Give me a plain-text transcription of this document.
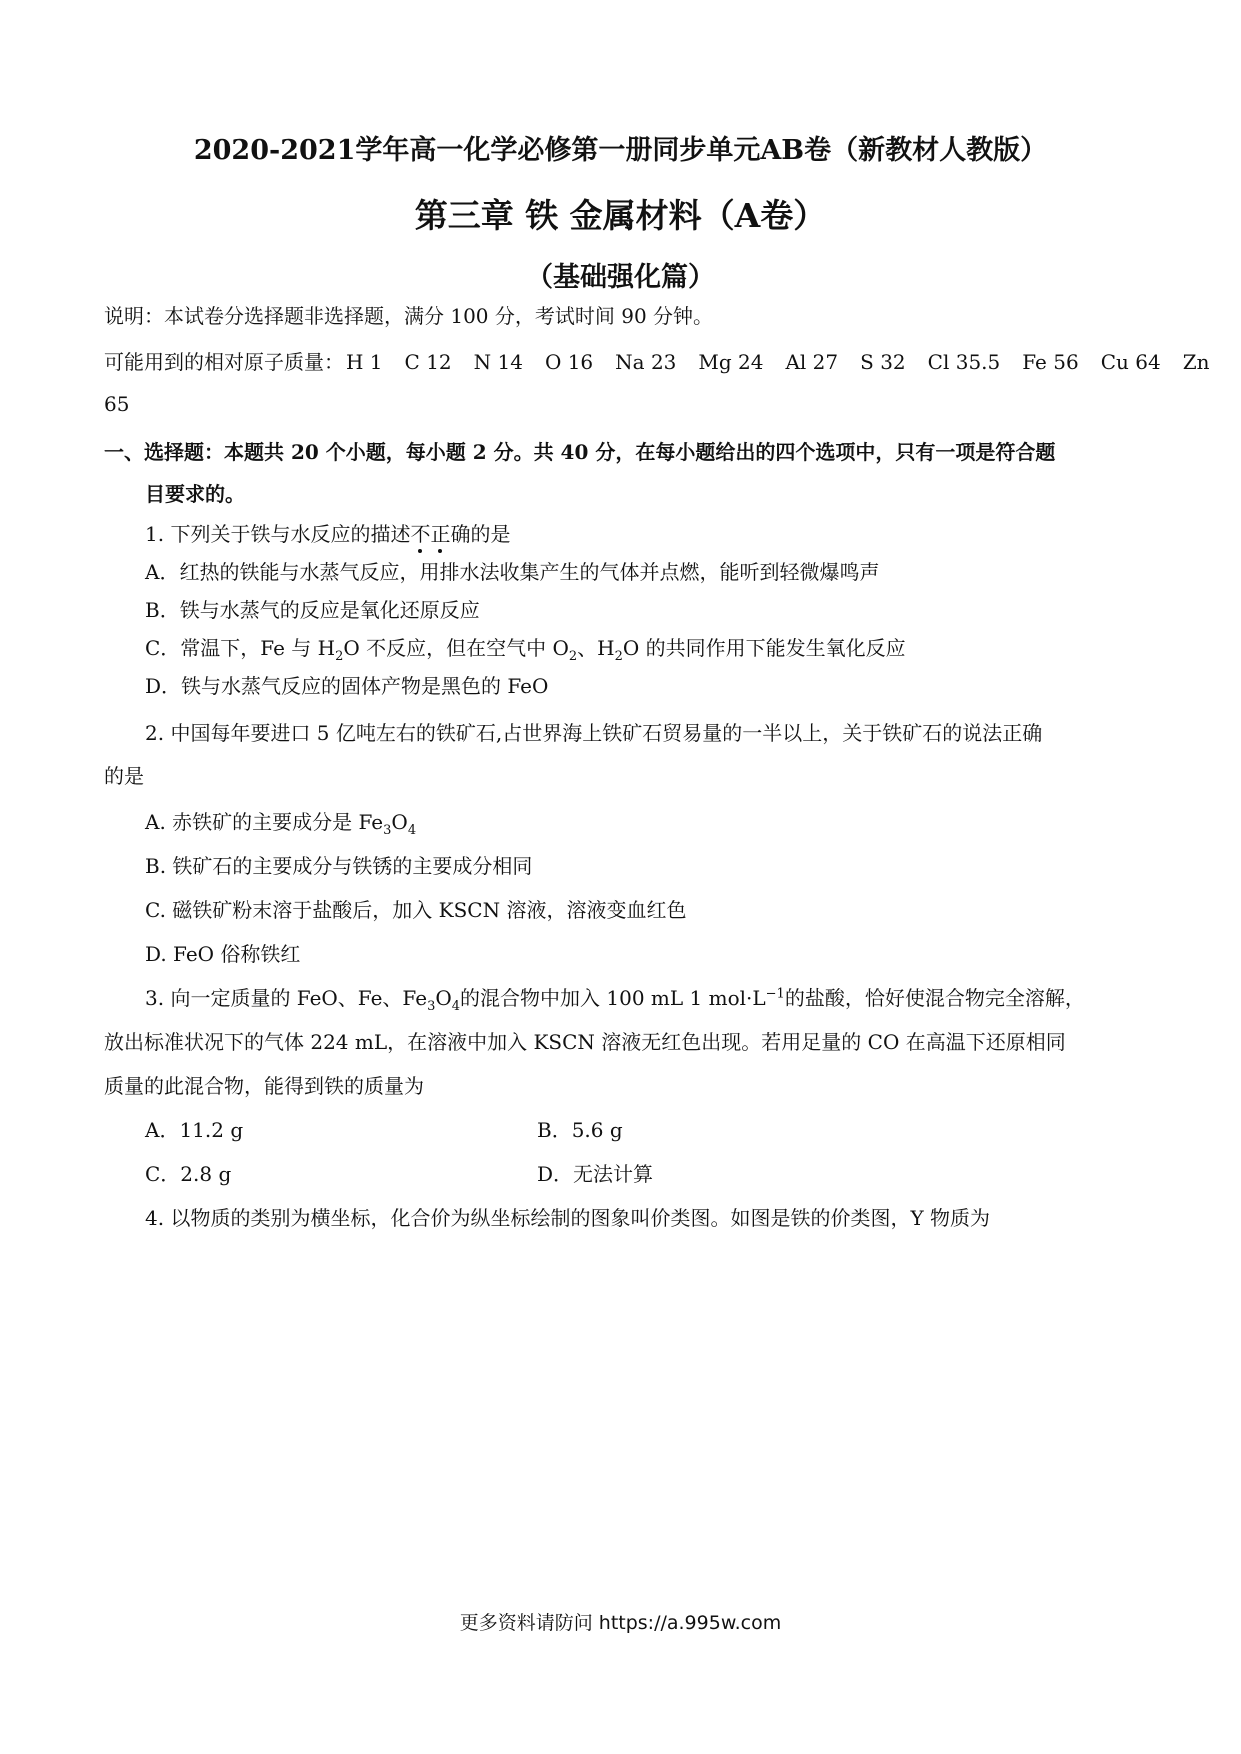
2020-2021学年高一化学必修第一册同步单元AB卷（新教材人教版）
第三章 铁 金属材料（A卷）
（基础强化篇）
说明：本试卷分选择题非选择题，满分 100 分，考试时间 90 分钟。
可能用到的相对原子质量： H 1 C 12 N 14 O 16 Na 23 Mg 24 Al 27 S 32 Cl 35.5 Fe 56 Cu 64 Zn
65
一、选择题：本题共 20 个小题，每小题 2 分。共 40 分，在每小题给出的四个选项中，只有一项是符合题
目要求的。
1. 下列关于铁与水反应的描述不正确的是
A．红热的铁能与水蒸气反应，用排水法收集产生的气体并点燃，能听到轻微爆鸣声
B．铁与水蒸气的反应是氧化还原反应
C．常温下，Fe 与 $H_2O$ 不反应，但在空气中 $O_2$、$H_2O$ 的共同作用下能发生氧化反应
D．铁与水蒸气反应的固体产物是黑色的 FeO
2. 中国每年要进口 5 亿吨左右的铁矿石,占世界海上铁矿石贸易量的一半以上，关于铁矿石的说法正确
的是
A. 赤铁矿的主要成分是 $Fe_3O_4$
B. 铁矿石的主要成分与铁锈的主要成分相同
C. 磁铁矿粉末溶于盐酸后，加入 KSCN 溶液，溶液变血红色
D. FeO 俗称铁红
3. 向一定质量的 FeO、Fe、$Fe_3O_4$的混合物中加入 100 mL 1 $mol\cdot L^{-1}$的盐酸，恰好使混合物完全溶解，
放出标准状况下的气体 224 mL，在溶液中加入 KSCN 溶液无红色出现。若用足量的 CO 在高温下还原相同
质量的此混合物，能得到铁的质量为
A．11.2 g	B．5.6 g
C．2.8 g	D．无法计算
4. 以物质的类别为横坐标，化合价为纵坐标绘制的图象叫价类图。如图是铁的价类图，Y 物质为
更多资料请防问 https://a.995w.com
